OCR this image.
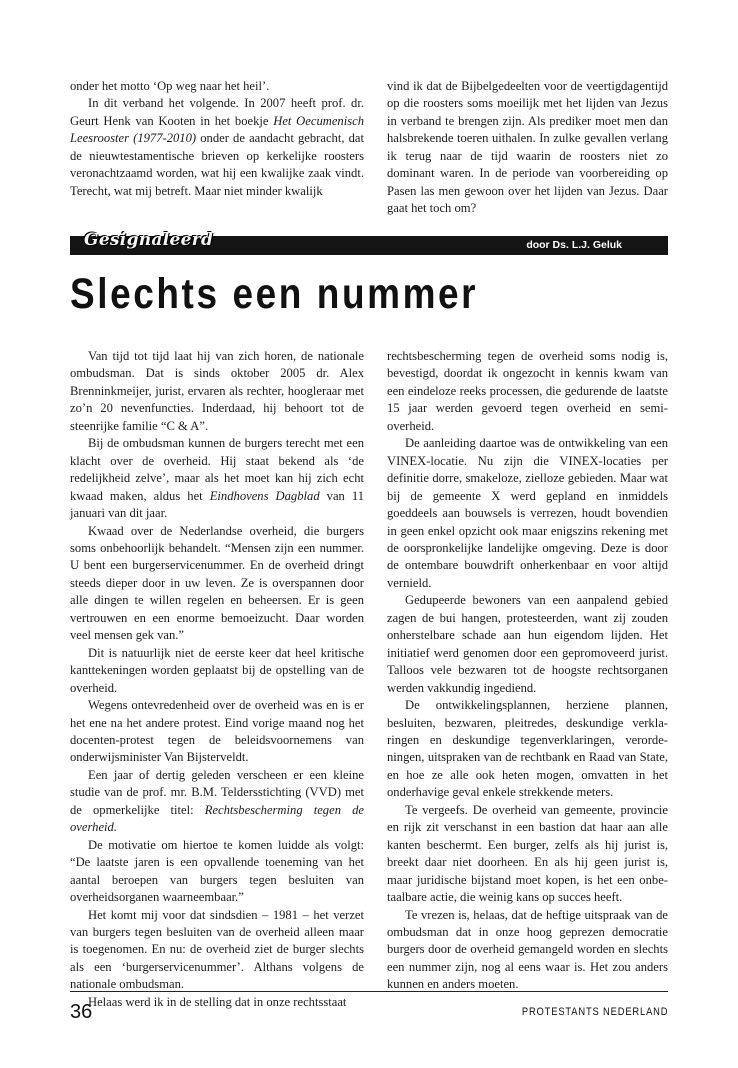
onder het motto ‘Op weg naar het heil’.

In dit verband het volgende. In 2007 heeft prof. dr. Geurt Henk van Kooten in het boekje Het Oecumenisch Leesrooster (1977-2010) onder de aandacht gebracht, dat de nieuwtestamentische brieven op kerkelijke roosters veronachtzaamd worden, wat hij een kwalijke zaak vindt. Terecht, wat mij betreft. Maar niet minder kwalijk

vind ik dat de Bijbelgedeelten voor de veertigdagentijd op die roosters soms moeilijk met het lijden van Jezus in verband te brengen zijn. Als prediker moet men dan halsbrekende toeren uithalen. In zulke gevallen verlang ik terug naar de tijd waarin de roosters niet zo dominant waren. In de periode van voorbereiding op Pasen las men gewoon over het lijden van Jezus. Daar gaat het toch om?

Gesignaleerd	door Ds. L.J. Geluk
Slechts een nummer

Van tijd tot tijd laat hij van zich horen, de nationale ombudsman. Dat is sinds oktober 2005 dr. Alex Brenninkmeijer, jurist, ervaren als rechter, hoogleraar met zo’n 20 nevenfuncties. Inderdaad, hij behoort tot de steenrijke familie “C & A”.

Bij de ombudsman kunnen de burgers terecht met een klacht over de overheid. Hij staat bekend als ‘de redelijkheid zelve’, maar als het moet kan hij zich echt kwaad maken, aldus het Eindhovens Dagblad van 11 januari van dit jaar.

Kwaad over de Nederlandse overheid, die burgers soms onbehoorlijk behandelt. “Mensen zijn een nummer. U bent een burgerservicenummer. En de overheid dringt steeds dieper door in uw leven. Ze is overspannen door alle dingen te willen regelen en beheersen. Er is geen vertrouwen en een enorme bemoeizucht. Daar worden veel mensen gek van.”

Dit is natuurlijk niet de eerste keer dat heel kritische kanttekeningen worden geplaatst bij de opstelling van de overheid.

Wegens ontevredenheid over de overheid was en is er het ene na het andere protest. Eind vorige maand nog het docenten-protest tegen de beleidsvoornemens van onderwijsminister Van Bijsterveldt.

Een jaar of dertig geleden verscheen er een kleine studie van de prof. mr. B.M. Teldersstichting (VVD) met de opmerkelijke titel: Rechtsbescherming tegen de overheid.

De motivatie om hiertoe te komen luidde als volgt: “De laatste jaren is een opvallende toeneming van het aantal beroepen van burgers tegen besluiten van overheidsorganen waarneembaar.”

Het komt mij voor dat sindsdien – 1981 – het verzet van burgers tegen besluiten van de overheid alleen maar is toegenomen. En nu: de overheid ziet de burger slechts als een ‘burgerservicenummer’. Althans volgens de nationale ombudsman.

Helaas werd ik in de stelling dat in onze rechtsstaat

rechtsbescherming tegen de overheid soms nodig is, bevestigd, doordat ik ongezocht in kennis kwam van een eindeloze reeks processen, die gedurende de laatste 15 jaar werden gevoerd tegen overheid en semi-overheid.

De aanleiding daartoe was de ontwikkeling van een VINEX-locatie. Nu zijn die VINEX-locaties per definitie dorre, smakeloze, zielloze gebieden. Maar wat bij de gemeente X werd gepland en inmiddels goeddeels aan bouwsels is verrezen, houdt bovendien in geen enkel opzicht ook maar enigszins rekening met de oorspronkelijke landelijke omgeving. Deze is door de ontembare bouwdrift onherkenbaar en voor altijd vernield.

Gedupeerde bewoners van een aanpalend gebied zagen de bui hangen, protesteerden, want zij zouden onherstelbare schade aan hun eigendom lijden. Het initiatief werd genomen door een gepromoveerd jurist. Talloos vele bezwaren tot de hoogste rechtsorganen werden vakkundig ingediend.

De ontwikkelingsplannen, herziene plannen, besluiten, bezwaren, pleitredes, deskundige verklaringen en deskundige tegenverklaringen, verordeningen, uitspraken van de rechtbank en Raad van State, en hoe ze alle ook heten mogen, omvatten in het onderhavige geval enkele strekkende meters.

Te vergeefs. De overheid van gemeente, provincie en rijk zit verschanst in een bastion dat haar aan alle kanten beschermt. Een burger, zelfs als hij jurist is, breekt daar niet doorheen. En als hij geen jurist is, maar juridische bijstand moet kopen, is het een onbetaalbare actie, die weinig kans op succes heeft.

Te vrezen is, helaas, dat de heftige uitspraak van de ombudsman dat in onze hoog geprezen democratie burgers door de overheid gemangeld worden en slechts een nummer zijn, nog al eens waar is. Het zou anders kunnen en anders moeten.

36	PROTESTANTS NEDERLAND
